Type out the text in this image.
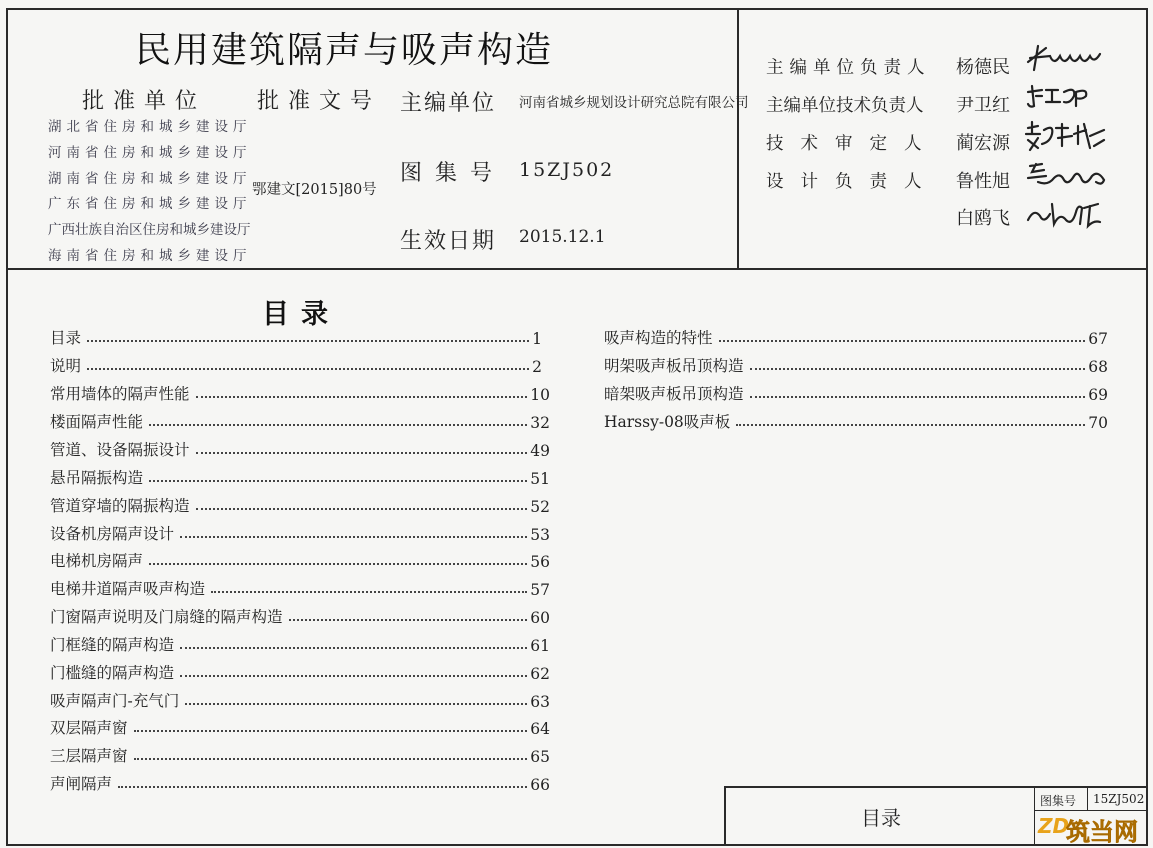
民用建筑隔声与吸声构造
批准单位
湖北省住房和城乡建设厅
河南省住房和城乡建设厅
湖南省住房和城乡建设厅
广东省住房和城乡建设厅
广西壮族自治区住房和城乡建设厅
海南省住房和城乡建设厅
批准文号
鄂建文[2015]80号
主编单位 河南省城乡规划设计研究总院有限公司
图集号 15ZJ502
生效日期 2015.12.1
主编单位负责人 杨德民
主编单位技术负责人 尹卫红
技术审定人 蔺宏源
设计负责人 鲁性旭
白鸥飞
目录
目录	1
说明	2
常用墙体的隔声性能	10
楼面隔声性能	32
管道、设备隔振设计	49
悬吊隔振构造	51
管道穿墙的隔振构造	52
设备机房隔声设计	53
电梯机房隔声	56
电梯井道隔声吸声构造	57
门窗隔声说明及门扇缝的隔声构造	60
门框缝的隔声构造	61
门槛缝的隔声构造	62
吸声隔声门-充气门	63
双层隔声窗	64
三层隔声窗	65
声闸隔声	66
吸声构造的特性	67
明架吸声板吊顶构造	68
暗架吸声板吊顶构造	69
Harssy-08吸声板	70
目录
图集号 15ZJ502
ZD
筑当网
